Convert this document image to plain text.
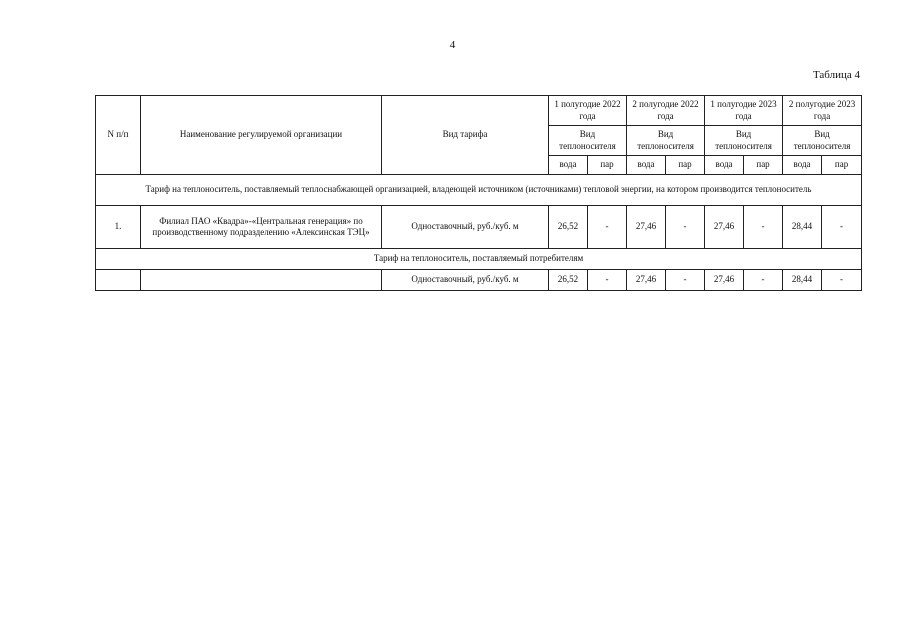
4
Таблица 4
N п/п	Наименование регулируемой организации	Вид тарифа	1 полугодие 2022 года		2 полугодие 2022 года		1 полугодие 2023 года		2 полугодие 2023 года	
			Вид теплоносителя		Вид теплоносителя		Вид теплоносителя		Вид теплоносителя	
			вода	пар	вода	пар	вода	пар	вода	пар
Тариф на теплоноситель, поставляемый теплоснабжающей организацией, владеющей источником (источниками) тепловой энергии, на котором производится теплоноситель										
1.	Филиал ПАО «Квадра»-«Центральная генерация» по производственному подразделению «Алексинская ТЭЦ»	Одноставочный, руб./куб. м	26,52	-	27,46	-	27,46	-	28,44	-
Тариф на теплоноситель, поставляемый потребителям										
		Одноставочный, руб./куб. м	26,52	-	27,46	-	27,46	-	28,44	-
